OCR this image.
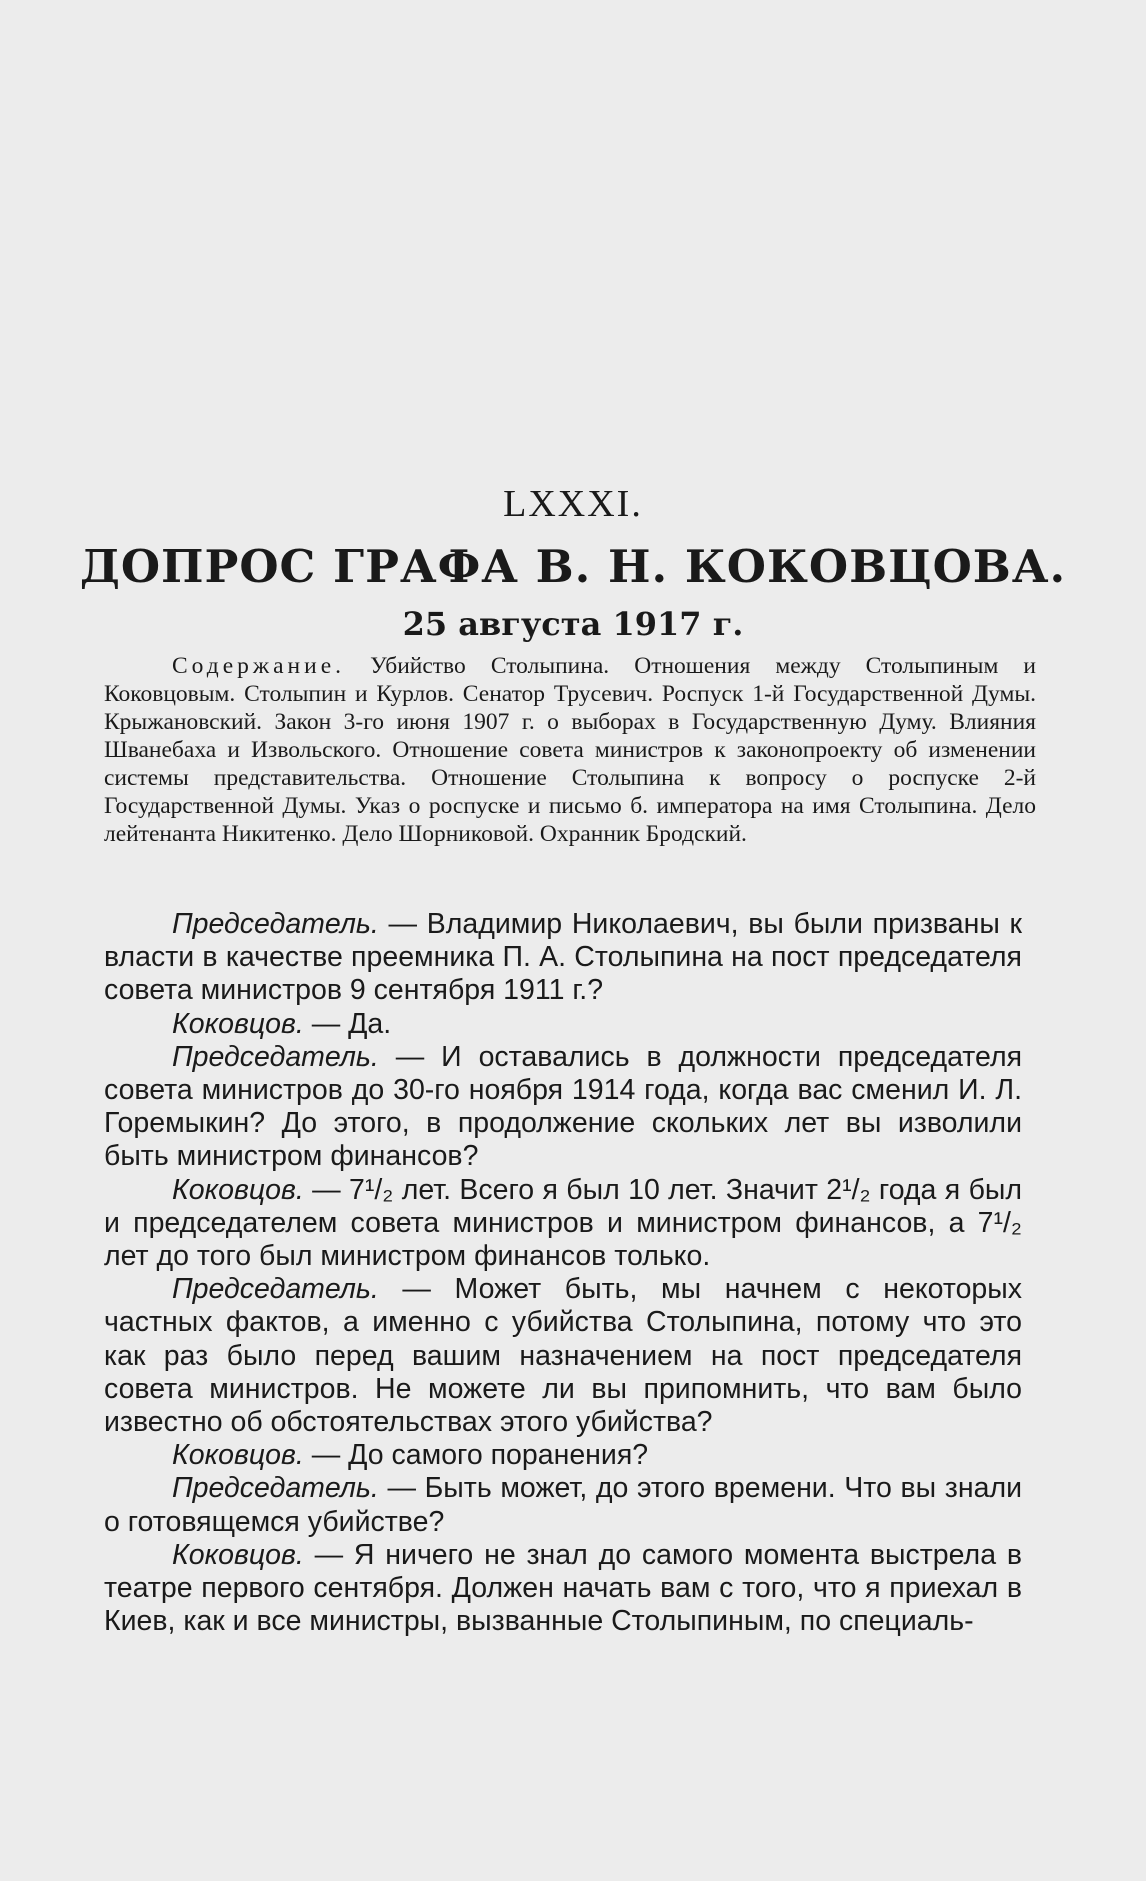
LXXXI.
ДОПРОС ГРАФА В. Н. КОКОВЦОВА.
25 августа 1917 г.
Содержание. Убийство Столыпина. Отношения между Столыпиным и Коковцовым. Столыпин и Курлов. Сенатор Трусевич. Роспуск 1-й Государственной Думы. Крыжановский. Закон 3-го июня 1907 г. о выборах в Государственную Думу. Влияния Шванебаха и Извольского. Отношение совета министров к законопроекту об изменении системы представительства. Отношение Столыпина к вопросу о роспуске 2-й Государственной Думы. Указ о роспуске и письмо б. императора на имя Столыпина. Дело лейтенанта Никитенко. Дело Шорниковой. Охранник Бродский.

Председатель. — Владимир Николаевич, вы были призваны к власти в качестве преемника П. А. Столыпина на пост председателя совета министров 9 сентября 1911 г.?

Коковцов. — Да.

Председатель. — И оставались в должности председателя совета министров до 30-го ноября 1914 года, когда вас сменил И. Л. Горемыкин? До этого, в продолжение скольких лет вы изволили быть министром финансов?

Коковцов. — 7¹/₂ лет. Всего я был 10 лет. Значит 2¹/₂ года я был и председателем совета министров и министром финансов, а 7¹/₂ лет до того был министром финансов только.

Председатель. — Может быть, мы начнем с некоторых частных фактов, а именно с убийства Столыпина, потому что это как раз было перед вашим назначением на пост председателя совета министров. Не можете ли вы припомнить, что вам было известно об обстоятельствах этого убийства?

Коковцов. — До самого поранения?

Председатель. — Быть может, до этого времени. Что вы знали о готовящемся убийстве?

Коковцов. — Я ничего не знал до самого момента выстрела в театре первого сентября. Должен начать вам с того, что я приехал в Киев, как и все министры, вызванные Столыпиным, по специаль-
